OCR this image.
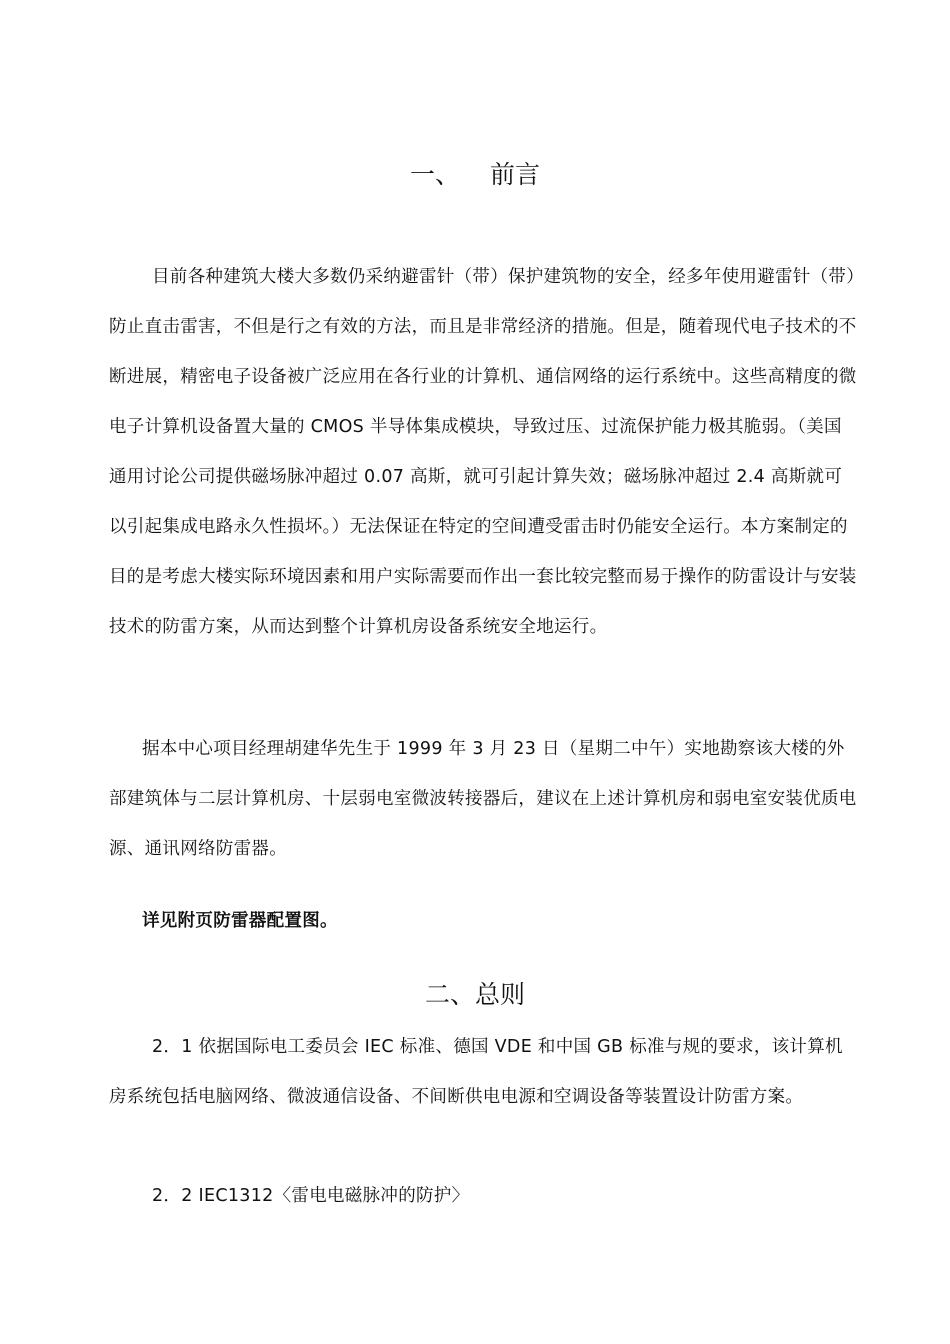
一、 前言

目前各种建筑大楼大多数仍采纳避雷针（带）保护建筑物的安全，经多年使用避雷针（带）防止直击雷害，不但是行之有效的方法，而且是非常经济的措施。但是，随着现代电子技术的不断进展，精密电子设备被广泛应用在各行业的计算机、通信网络的运行系统中。这些高精度的微电子计算机设备置大量的 CMOS 半导体集成模块，导致过压、过流保护能力极其脆弱。（美国通用讨论公司提供磁场脉冲超过 0.07 高斯，就可引起计算失效；磁场脉冲超过 2.4 高斯就可以引起集成电路永久性损坏。）无法保证在特定的空间遭受雷击时仍能安全运行。本方案制定的目的是考虑大楼实际环境因素和用户实际需要而作出一套比较完整而易于操作的防雷设计与安装技术的防雷方案，从而达到整个计算机房设备系统安全地运行。

据本中心项目经理胡建华先生于 1999 年 3 月 23 日（星期二中午）实地勘察该大楼的外部建筑体与二层计算机房、十层弱电室微波转接器后，建议在上述计算机房和弱电室安装优质电源、通讯网络防雷器。

详见附页防雷器配置图。

二、总则

2．1 依据国际电工委员会 IEC 标准、德国 VDE 和中国 GB 标准与规的要求，该计算机房系统包括电脑网络、微波通信设备、不间断供电电源和空调设备等装置设计防雷方案。

2．2 IEC1312〈雷电电磁脉冲的防护〉
